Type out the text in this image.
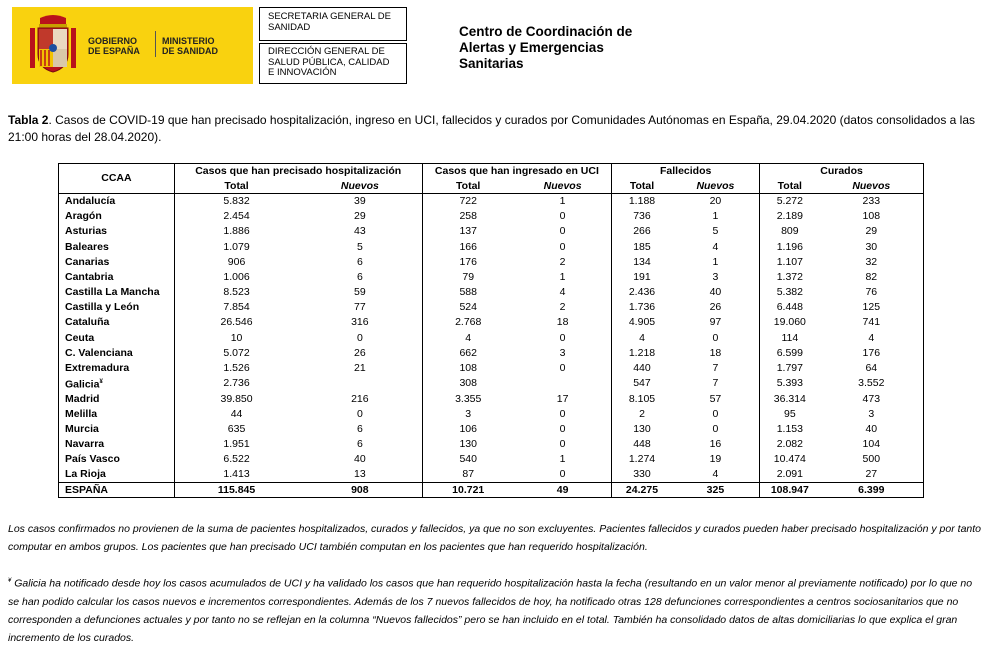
GOBIERNO
DE ESPAÑA
MINISTERIO
DE SANIDAD
SECRETARIA GENERAL DE SANIDAD
DIRECCIÓN GENERAL DE SALUD PÚBLICA, CALIDAD E INNOVACIÓN
Centro de Coordinación de
Alertas y Emergencias
Sanitarias
Tabla 2. Casos de COVID-19 que han precisado hospitalización, ingreso en UCI, fallecidos y curados por Comunidades Autónomas en España, 29.04.2020 (datos consolidados a las 21:00 horas del 28.04.2020).
CCAA	Casos que han precisado hospitalización		Casos que han ingresado en UCI		Fallecidos		Curados	
	Total	Nuevos	Total	Nuevos	Total	Nuevos	Total	Nuevos
Andalucía	5.832	39	722	1	1.188	20	5.272	233
Aragón	2.454	29	258	0	736	1	2.189	108
Asturias	1.886	43	137	0	266	5	809	29
Baleares	1.079	5	166	0	185	4	1.196	30
Canarias	906	6	176	2	134	1	1.107	32
Cantabria	1.006	6	79	1	191	3	1.372	82
Castilla La Mancha	8.523	59	588	4	2.436	40	5.382	76
Castilla y León	7.854	77	524	2	1.736	26	6.448	125
Cataluña	26.546	316	2.768	18	4.905	97	19.060	741
Ceuta	10	0	4	0	4	0	114	4
C. Valenciana	5.072	26	662	3	1.218	18	6.599	176
Extremadura	1.526	21	108	0	440	7	1.797	64
Galicia¥	2.736		308		547	7	5.393	3.552
Madrid	39.850	216	3.355	17	8.105	57	36.314	473
Melilla	44	0	3	0	2	0	95	3
Murcia	635	6	106	0	130	0	1.153	40
Navarra	1.951	6	130	0	448	16	2.082	104
País Vasco	6.522	40	540	1	1.274	19	10.474	500
La Rioja	1.413	13	87	0	330	4	2.091	27
ESPAÑA	115.845	908	10.721	49	24.275	325	108.947	6.399
Los casos confirmados no provienen de la suma de pacientes hospitalizados, curados y fallecidos, ya que no son excluyentes. Pacientes fallecidos y curados pueden haber precisado hospitalización y por tanto computar en ambos grupos. Los pacientes que han precisado UCI también computan en los pacientes que han requerido hospitalización.
¥ Galicia ha notificado desde hoy los casos acumulados de UCI y ha validado los casos que han requerido hospitalización hasta la fecha (resultando en un valor menor al previamente notificado) por lo que no se han podido calcular los casos nuevos e incrementos correspondientes. Además de los 7 nuevos fallecidos de hoy, ha notificado otras 128 defunciones correspondientes a centros sociosanitarios que no corresponden a defunciones actuales y por tanto no se reflejan en la columna “Nuevos fallecidos” pero se han incluido en el total. También ha consolidado datos de altas domiciliarias lo que explica el gran incremento de los curados.
